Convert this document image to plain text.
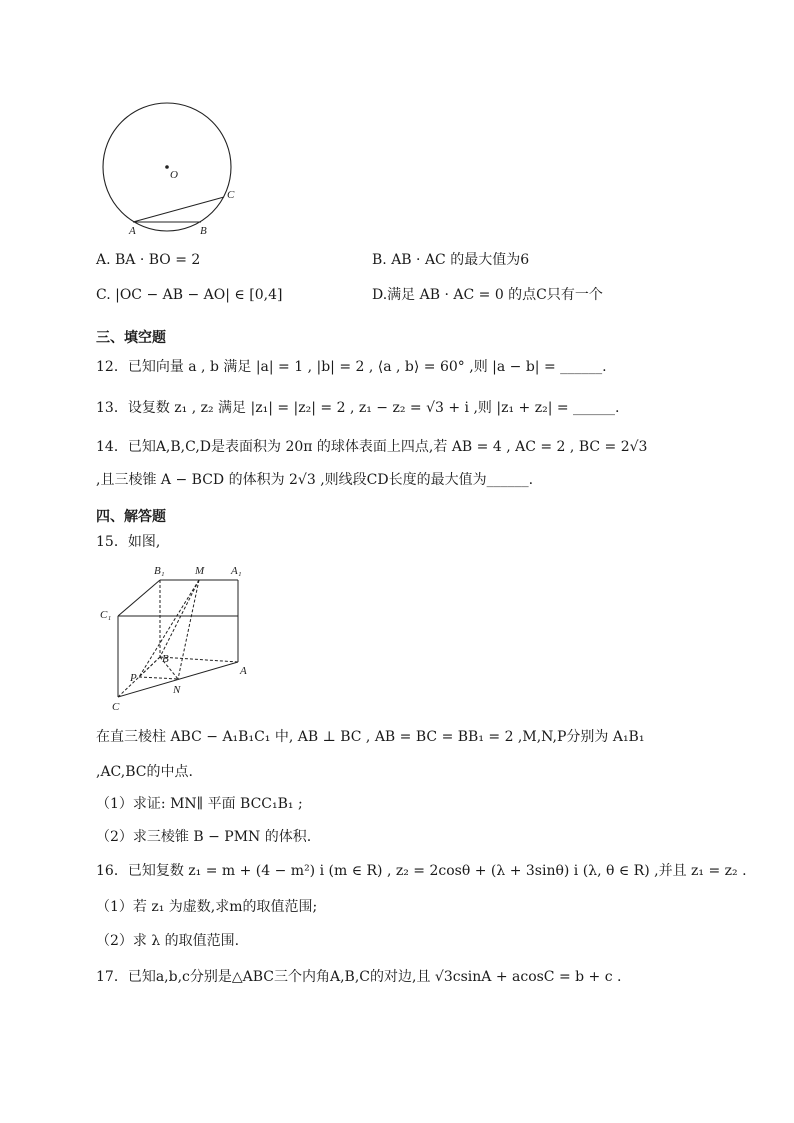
O
A	B
C
A. BA · BO = 2	B. AB · AC 的最大值为6
C. |OC − AB − AO| ∈ [0,4]	D.满足 AB · AC = 0 的点C只有一个
三、填空题
12．已知向量 a , b 满足 |a| = 1 , |b| = 2 , ⟨a , b⟩ = 60° ,则 |a − b| = ______.
13．设复数 z₁ , z₂ 满足 |z₁| = |z₂| = 2 , z₁ − z₂ = √3 + i ,则 |z₁ + z₂| = ______.
14．已知A,B,C,D是表面积为 20π 的球体表面上四点,若 AB = 4 , AC = 2 , BC = 2√3
,且三棱锥 A − BCD 的体积为 2√3 ,则线段CD长度的最大值为______.
四、解答题
15．如图,
B₁	M A₁
C₁
B
A
P
N
C
在直三棱柱 ABC − A₁B₁C₁ 中, AB ⊥ BC , AB = BC = BB₁ = 2 ,M,N,P分别为 A₁B₁
,AC,BC的中点.
（1）求证: MN∥ 平面 BCC₁B₁ ;
（2）求三棱锥 B − PMN 的体积.
16．已知复数 z₁ = m + (4 − m²) i (m ∈ R) , z₂ = 2cosθ + (λ + 3sinθ) i (λ, θ ∈ R) ,并且 z₁ = z₂ .
（1）若 z₁ 为虚数,求m的取值范围;
（2）求 λ 的取值范围.
17．已知a,b,c分别是△ABC三个内角A,B,C的对边,且 √3csinA + acosC = b + c .
